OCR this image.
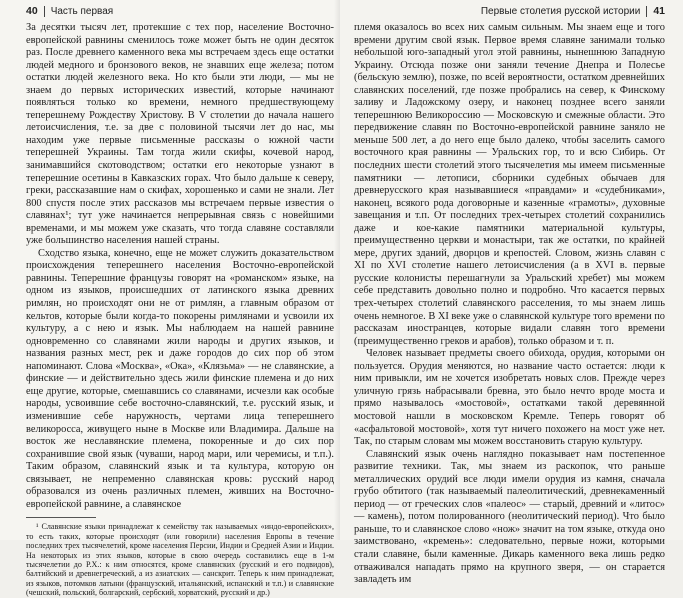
40 Часть первая

За десятки тысяч лет, протекшие с тех пор, население Восточно-европейской равнины сменилось тоже может быть не один десяток раз. После древнего каменного века мы встречаем здесь еще остатки людей медного и бронзового веков, не знавших еще железа; потом остатки людей железного века. Но кто были эти люди, — мы не знаем до первых исторических известий, которые начинают появляться только ко времени, немного предшествующему теперешнему Рождеству Христову. В V столетии до начала нашего летоисчисления, т.е. за две с половиной тысячи лет до нас, мы находим уже первые письменные рассказы о южной части теперешней Украины. Там тогда жили скифы, кочевой народ, занимавшийся скотоводством; остатки его некоторые узнают в теперешние осетины в Кавказских горах. Что было дальше к северу, греки, рассказавшие нам о скифах, хорошенько и сами не знали. Лет 800 спустя после этих рассказов мы встречаем первые известия о славянах¹; тут уже начинается непрерывная связь с новейшими временами, и мы можем уже сказать, что тогда славяне составляли уже большинство населения нашей страны.

Сходство языка, конечно, еще не может служить доказательством происхождения теперешнего населения Восточно-европейской равнины. Теперешние французы говорят на «романском» языке, на одном из языков, происшедших от латинского языка древних римлян, но происходят они не от римлян, а главным образом от кельтов, которые были когда-то покорены римлянами и усвоили их культуру, а с нею и язык. Мы наблюдаем на нашей равнине одновременно со славянами жили народы и других языков, и названия разных мест, рек и даже городов до сих пор об этом напоминают. Слова «Москва», «Ока», «Клязьма» — не славянские, а финские — и действительно здесь жили финские племена и до них еще другие, которые, смешавшись со славянами, исчезли как особые народы, усвоившие себе восточно-славянский, т.е. русский язык, и изменившие себе наружность, чертами лица теперешнего великоросса, живущего ныне в Москве или Владимира. Дальше на восток же неславянские племена, покоренные и до сих пор сохранившие свой язык (чуваши, народ мари, или черемисы, и т.п.). Таким образом, славянский язык и та культура, которую он связывает, не непременно славянская кровь: русский народ образовался из очень различных племен, живших на Восточно-европейской равнине, а славянское

¹ Славянские языки принадлежат к семейству так называемых «индо-европейских», то есть таких, которые происходят (или говорили) населения Европы в течение последних трех тысячелетий, кроме населения Персии, Индии и Средней Азии и Индии. На некоторых из этих языков, которые в свою очередь составились еще в 1-м тысячелетии до Р.Х.: к ним относятся, кроме славянских (русский и его подвидов), балтийский и древнегреческий, а из азиатских — санскрит. Теперь к ним принадлежат, из языков, потомков латыни (французский, итальянский, испанский и т.п.) и славянские (чешский, польский, болгарский, сербский, хорватский, русский и др.)

Первые столетия русской истории 41

племя оказалось во всех них самым сильным. Мы знаем еще и того времени другим свой язык. Первое время славяне занимали только небольшой юго-западный угол этой равнины, нынешнюю Западную Украину. Отсюда позже они заняли течение Днепра и Полесье (бельскую землю), позже, по всей вероятности, остатком древнейших славянских поселений, где позже пробрались на север, к Финскому заливу и Ладожскому озеру, и наконец позднее всего заняли теперешнюю Великороссию — Московскую и смежные области. Это передвижение славян по Восточно-европейской равнине заняло не меньше 500 лет, а до него еще было далеко, чтобы заселить самого восточного края равнины — Уральских гор, то и всю Сибирь. От последних шести столетий этого тысячелетия мы имеем письменные памятники — летописи, сборники судебных обычаев для древнерусского края называвшиеся «правдами» и «судебниками», наконец, всякого рода договорные и казенные «грамоты», духовные завещания и т.п. От последних трех-четырех столетий сохранились даже и кое-какие памятники материальной культуры, преимущественно церкви и монастыри, так же остатки, по крайней мере, других зданий, дворцов и крепостей. Словом, жизнь славян с XI по XVI столетие нашего летоисчисления (а в XVI в. первые русские колонисты перешагнули за Уральский хребет) мы можем себе представить довольно полно и подробно. Что касается первых трех-четырех столетий славянского расселения, то мы знаем лишь очень немногое. В XI веке уже о славянской культуре того времени по рассказам иностранцев, которые видали славян того времени (преимущественно греков и арабов), только образом и т. п.

Человек называет предметы своего обихода, орудия, которыми он пользуется. Орудия меняются, но название часто остается: люди к ним привыкли, им не хочется изобретать новых слов. Прежде через уличную грязь набрасывали бревна, это было нечто вроде моста и прямо называлось «мостовой», остатками такой деревянной мостовой нашли в московском Кремле. Теперь говорят об «асфальтовой мостовой», хотя тут ничего похожего на мост уже нет. Так, по старым словам мы можем восстановить старую культуру.

Славянский язык очень наглядно показывает нам постепенное развитие техники. Так, мы знаем из раскопок, что раньше металлических орудий все люди имели орудия из камня, сначала грубо обтитого (так называемый палеолитический, древнекаменный период — от греческих слов «палеос» — старый, древний и «литос» — камень), потом полированного (неолитический период). Что было раньше, то и славянское слово «нож» значит на том языке, откуда оно заимствовано, «кремень»: следовательно, первые ножи, которыми стали славяне, были каменные. Дикарь каменного века лишь редко отваживался нападать прямо на крупного зверя, — он старается завладеть им
